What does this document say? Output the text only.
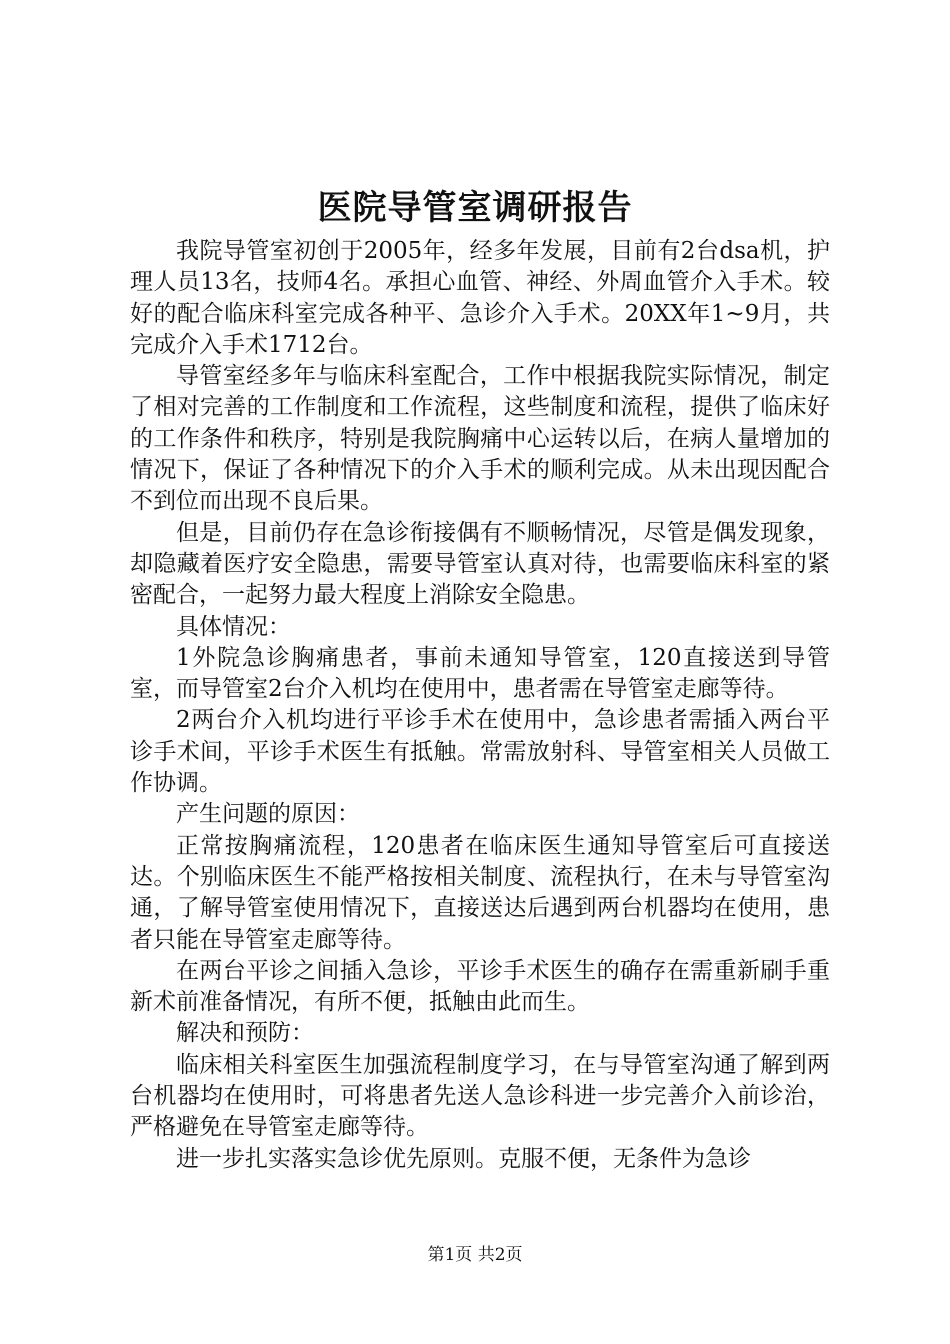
医院导管室调研报告

我院导管室初创于2005年，经多年发展，目前有2台dsa机，护理人员13名，技师4名。承担心血管、神经、外周血管介入手术。较好的配合临床科室完成各种平、急诊介入手术。20XX年1~9月，共完成介入手术1712台。

导管室经多年与临床科室配合，工作中根据我院实际情况，制定了相对完善的工作制度和工作流程，这些制度和流程，提供了临床好的工作条件和秩序，特别是我院胸痛中心运转以后，在病人量增加的情况下，保证了各种情况下的介入手术的顺利完成。从未出现因配合不到位而出现不良后果。

但是，目前仍存在急诊衔接偶有不顺畅情况，尽管是偶发现象，却隐藏着医疗安全隐患，需要导管室认真对待，也需要临床科室的紧密配合，一起努力最大程度上消除安全隐患。

具体情况：

1外院急诊胸痛患者，事前未通知导管室，120直接送到导管室，而导管室2台介入机均在使用中，患者需在导管室走廊等待。

2两台介入机均进行平诊手术在使用中，急诊患者需插入两台平诊手术间，平诊手术医生有抵触。常需放射科、导管室相关人员做工作协调。

产生问题的原因：

正常按胸痛流程，120患者在临床医生通知导管室后可直接送达。个别临床医生不能严格按相关制度、流程执行，在未与导管室沟通，了解导管室使用情况下，直接送达后遇到两台机器均在使用，患者只能在导管室走廊等待。

在两台平诊之间插入急诊，平诊手术医生的确存在需重新刷手重新术前准备情况，有所不便，抵触由此而生。

解决和预防：

临床相关科室医生加强流程制度学习，在与导管室沟通了解到两台机器均在使用时，可将患者先送人急诊科进一步完善介入前诊治，严格避免在导管室走廊等待。

进一步扎实落实急诊优先原则。克服不便，无条件为急诊

第1页 共2页
